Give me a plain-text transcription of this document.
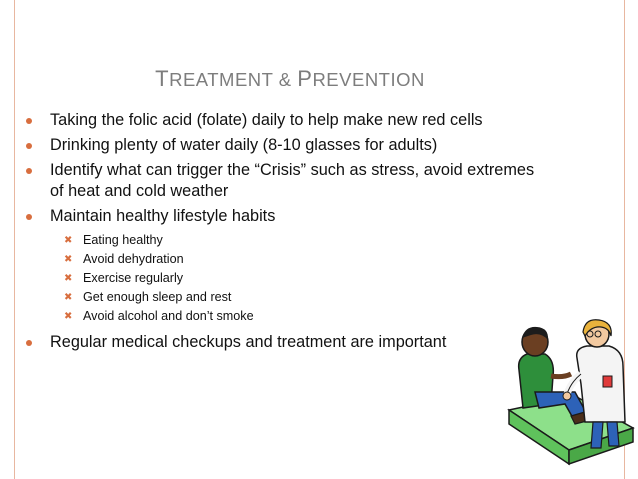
TREATMENT & PREVENTION
Taking the folic acid (folate) daily to help make new red cells
Drinking plenty of water daily (8-10 glasses for adults)
Identify what can trigger the “Crisis” such as stress, avoid extremes of heat and cold weather
Maintain healthy lifestyle habits
✖ Eating healthy
✖ Avoid dehydration
✖ Exercise regularly
✖ Get enough sleep and rest
✖ Avoid alcohol and don’t smoke
Regular medical checkups and treatment are important
